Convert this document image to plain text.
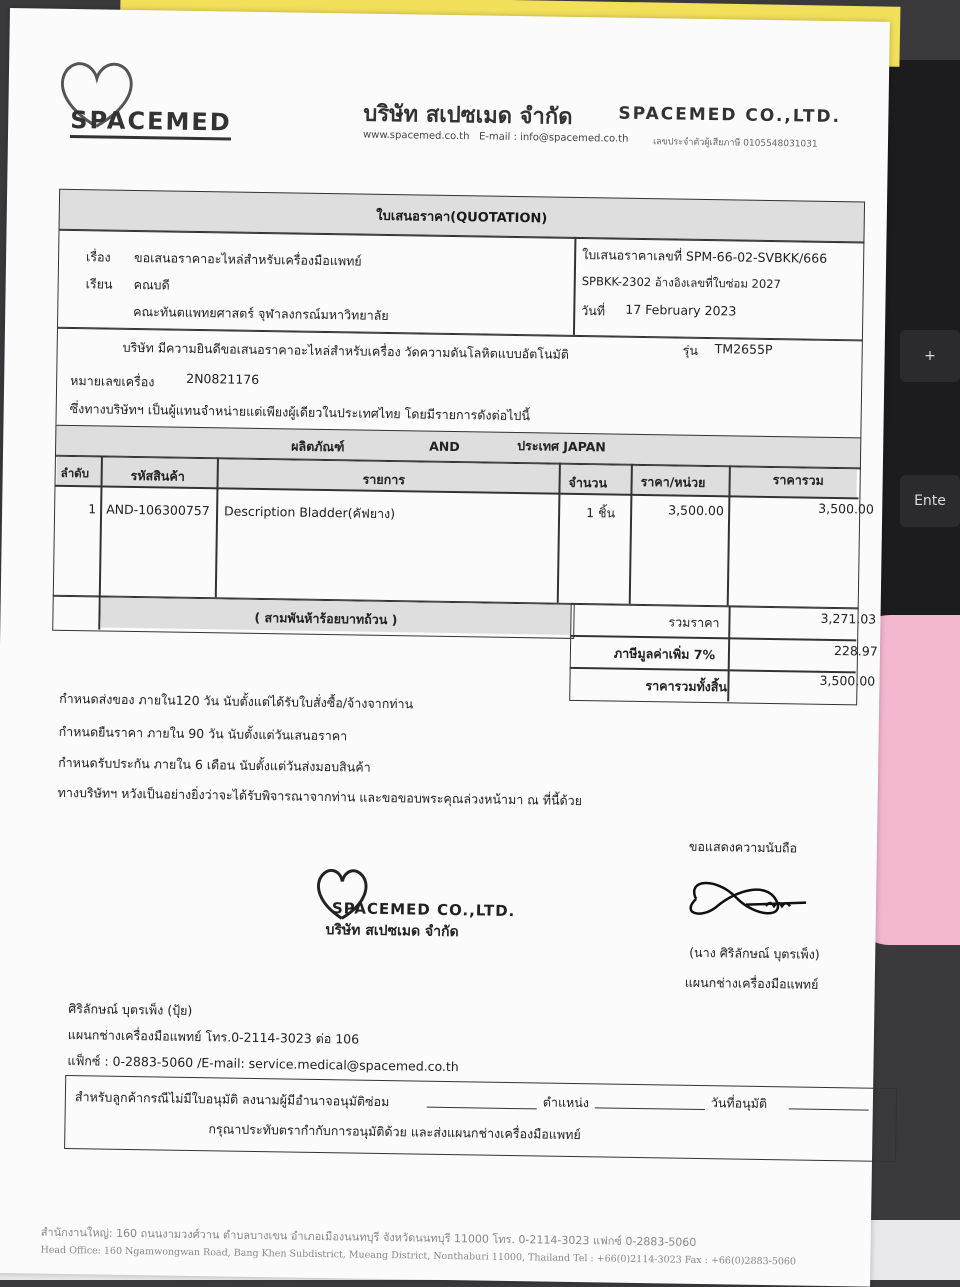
+
Ente
SPACEMED	บริษัท สเปซเมด จำกัด	SPACEMED CO.,LTD.
www.spacemed.co.th E-mail : info@spacemed.co.th	เลขประจำตัวผู้เสียภาษี 0105548031031
ใบเสนอราคา(QUOTATION)
เรื่อง ขอเสนอราคาอะไหล่สำหรับเครื่องมือแพทย์
เรียน คณบดี
คณะทันตแพทยศาสตร์ จุฬาลงกรณ์มหาวิทยาลัย
ใบเสนอราคาเลขที่ SPM-66-02-SVBKK/666
SPBKK-2302 อ้างอิงเลขที่ใบซ่อม 2027
วันที่ 17 February 2023
บริษัท มีความยินดีขอเสนอราคาอะไหล่สำหรับเครื่อง วัดความดันโลหิตแบบอัตโนมัติ	รุ่น TM2655P
หมายเลขเครื่อง	2N0821176
ซึ่งทางบริษัทฯ เป็นผู้แทนจำหน่ายแต่เพียงผู้เดียวในประเทศไทย โดยมีรายการดังต่อไปนี้
ผลิตภัณฑ์	AND	ประเทศ JAPAN
ลำดับ	รหัสสินค้า	รายการ	จำนวน	ราคา/หน่วย	ราคารวม
1 AND-106300757 Description Bladder(คัฟยาง)	1 ชิ้น	3,500.00	3,500.00
( สามพันห้าร้อยบาทถ้วน )	รวมราคา	3,271.03
ภาษีมูลค่าเพิ่ม 7%	228.97
ราคารวมทั้งสิ้น	3,500.00
กำหนดส่งของ ภายใน120 วัน นับตั้งแต่ได้รับใบสั่งซื้อ/จ้างจากท่าน
กำหนดยืนราคา ภายใน 90 วัน นับตั้งแต่วันเสนอราคา
กำหนดรับประกัน ภายใน 6 เดือน นับตั้งแต่วันส่งมอบสินค้า
ทางบริษัทฯ หวังเป็นอย่างยิ่งว่าจะได้รับพิจารณาจากท่าน และขอขอบพระคุณล่วงหน้ามา ณ ที่นี้ด้วย
ขอแสดงความนับถือ
SPACEMED CO.,LTD.
บริษัท สเปซเมด จำกัด
(นาง ศิริลักษณ์ บุตรเพ็ง)
แผนกช่างเครื่องมือแพทย์
ศิริลักษณ์ บุตรเพ็ง (ปุ้ย)
แผนกช่างเครื่องมือแพทย์ โทร.0-2114-3023 ต่อ 106
แฟ็กซ์ : 0-2883-5060 /E-mail: service.medical@spacemed.co.th
สำหรับลูกค้ากรณีไม่มีใบอนุมัติ ลงนามผู้มีอำนาจอนุมัติซ่อม	ตำแหน่ง	วันที่อนุมัติ
กรุณาประทับตรากำกับการอนุมัติด้วย และส่งแผนกช่างเครื่องมือแพทย์
สำนักงานใหญ่: 160 ถนนงามวงศ์วาน ตำบลบางเขน อำเภอเมืองนนทบุรี จังหวัดนนทบุรี 11000 โทร. 0-2114-3023 แฟกซ์ 0-2883-5060
Head Office: 160 Ngamwongwan Road, Bang Khen Subdistrict, Mueang District, Nonthaburi 11000, Thailand Tel : +66(0)2114-3023 Fax : +66(0)2883-5060
